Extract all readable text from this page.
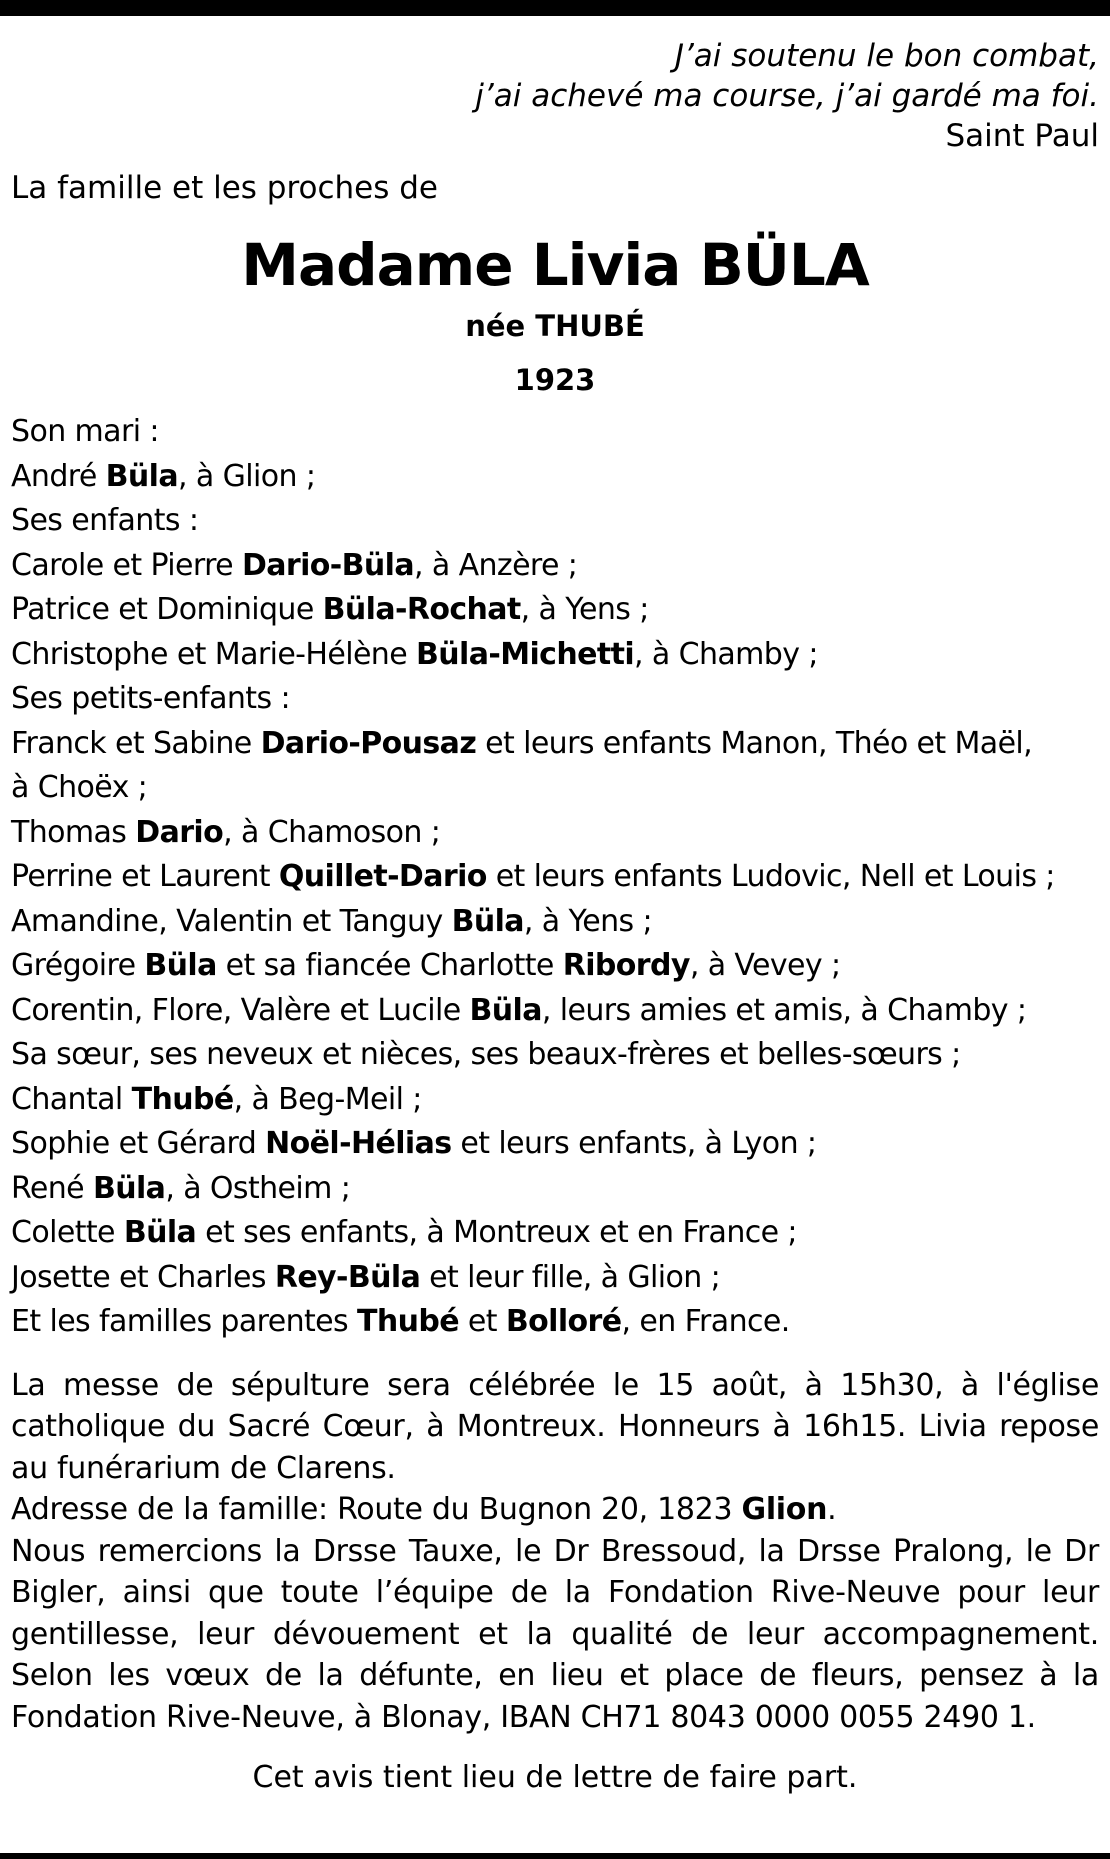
J’ai soutenu le bon combat,
j’ai achevé ma course, j’ai gardé ma foi.
Saint Paul
La famille et les proches de
Madame Livia BÜLA
née THUBÉ
1923
Son mari :
André Büla, à Glion ;
Ses enfants :
Carole et Pierre Dario-Büla, à Anzère ;
Patrice et Dominique Büla-Rochat, à Yens ;
Christophe et Marie-Hélène Büla-Michetti, à Chamby ;
Ses petits-enfants :
Franck et Sabine Dario-Pousaz et leurs enfants Manon, Théo et Maël,
à Choëx ;
Thomas Dario, à Chamoson ;
Perrine et Laurent Quillet-Dario et leurs enfants Ludovic, Nell et Louis ;
Amandine, Valentin et Tanguy Büla, à Yens ;
Grégoire Büla et sa fiancée Charlotte Ribordy, à Vevey ;
Corentin, Flore, Valère et Lucile Büla, leurs amies et amis, à Chamby ;
Sa sœur, ses neveux et nièces, ses beaux-frères et belles-sœurs ;
Chantal Thubé, à Beg-Meil ;
Sophie et Gérard Noël-Hélias et leurs enfants, à Lyon ;
René Büla, à Ostheim ;
Colette Büla et ses enfants, à Montreux et en France ;
Josette et Charles Rey-Büla et leur fille, à Glion ;
Et les familles parentes Thubé et Bolloré, en France.

La messe de sépulture sera célébrée le 15 août, à 15h30, à l'église catholique du Sacré Cœur, à Montreux. Honneurs à 16h15. Livia repose au funérarium de Clarens.

Adresse de la famille: Route du Bugnon 20, 1823 Glion.

Nous remercions la Drsse Tauxe, le Dr Bressoud, la Drsse Pralong, le Dr Bigler, ainsi que toute l’équipe de la Fondation Rive-Neuve pour leur gentillesse, leur dévouement et la qualité de leur accompagnement. Selon les vœux de la défunte, en lieu et place de fleurs, pensez à la Fondation Rive-Neuve, à Blonay, IBAN CH71 8043 0000 0055 2490 1.

Cet avis tient lieu de lettre de faire part.
